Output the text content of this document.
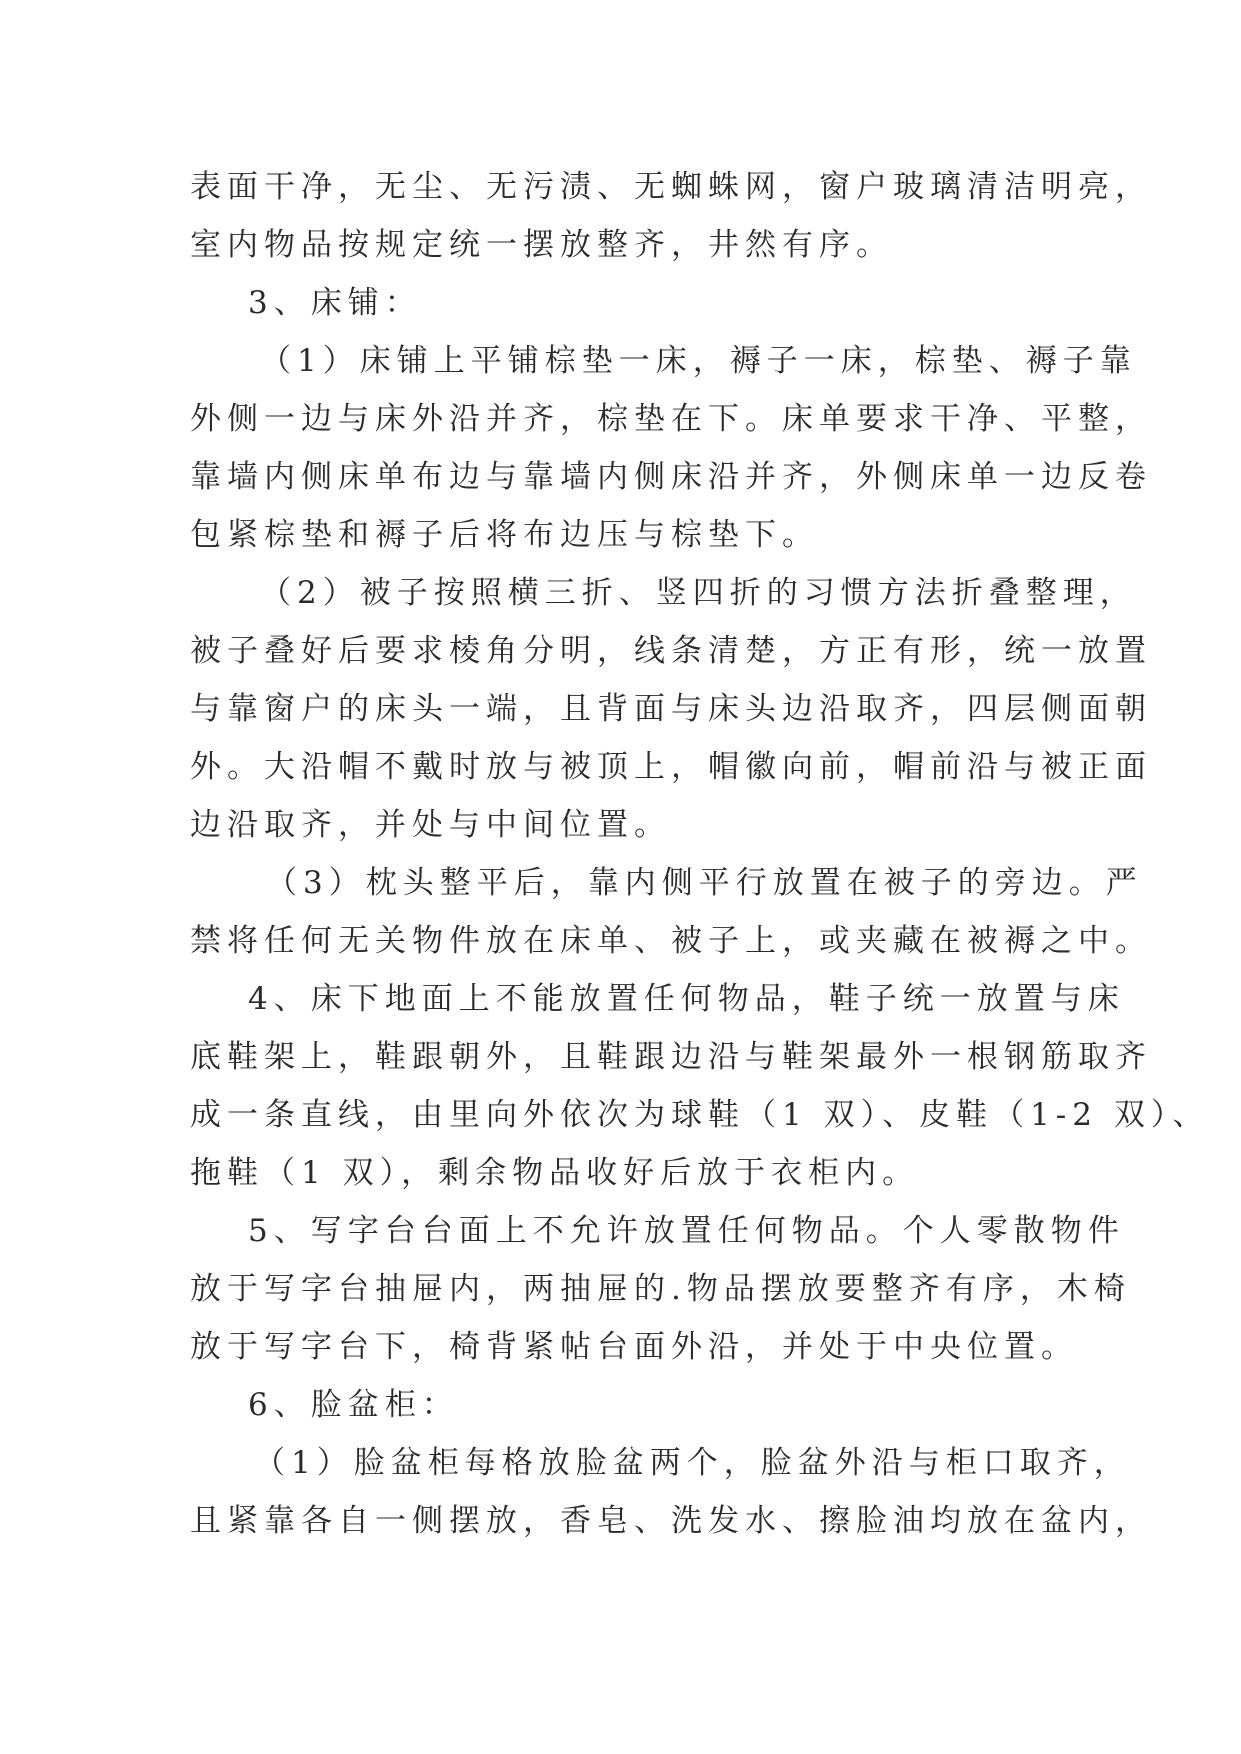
表面干净，无尘、无污渍、无蜘蛛网，窗户玻璃清洁明亮，
室内物品按规定统一摆放整齐，井然有序。
3、床铺：
（1）床铺上平铺棕垫一床，褥子一床，棕垫、褥子靠
外侧一边与床外沿并齐，棕垫在下。床单要求干净、平整，
靠墙内侧床单布边与靠墙内侧床沿并齐，外侧床单一边反卷
包紧棕垫和褥子后将布边压与棕垫下。
（2）被子按照横三折、竖四折的习惯方法折叠整理，
被子叠好后要求棱角分明，线条清楚，方正有形，统一放置
与靠窗户的床头一端，且背面与床头边沿取齐，四层侧面朝
外。大沿帽不戴时放与被顶上，帽徽向前，帽前沿与被正面
边沿取齐，并处与中间位置。
（3）枕头整平后，靠内侧平行放置在被子的旁边。严
禁将任何无关物件放在床单、被子上，或夹藏在被褥之中。
4、床下地面上不能放置任何物品，鞋子统一放置与床
底鞋架上，鞋跟朝外，且鞋跟边沿与鞋架最外一根钢筋取齐
成一条直线，由里向外依次为球鞋（1 双）、皮鞋（1-2 双）、
拖鞋（1 双），剩余物品收好后放于衣柜内。
5、写字台台面上不允许放置任何物品。个人零散物件
放于写字台抽屉内，两抽屉的.物品摆放要整齐有序，木椅
放于写字台下，椅背紧帖台面外沿，并处于中央位置。
6、脸盆柜：
（1）脸盆柜每格放脸盆两个，脸盆外沿与柜口取齐，
且紧靠各自一侧摆放，香皂、洗发水、擦脸油均放在盆内，
